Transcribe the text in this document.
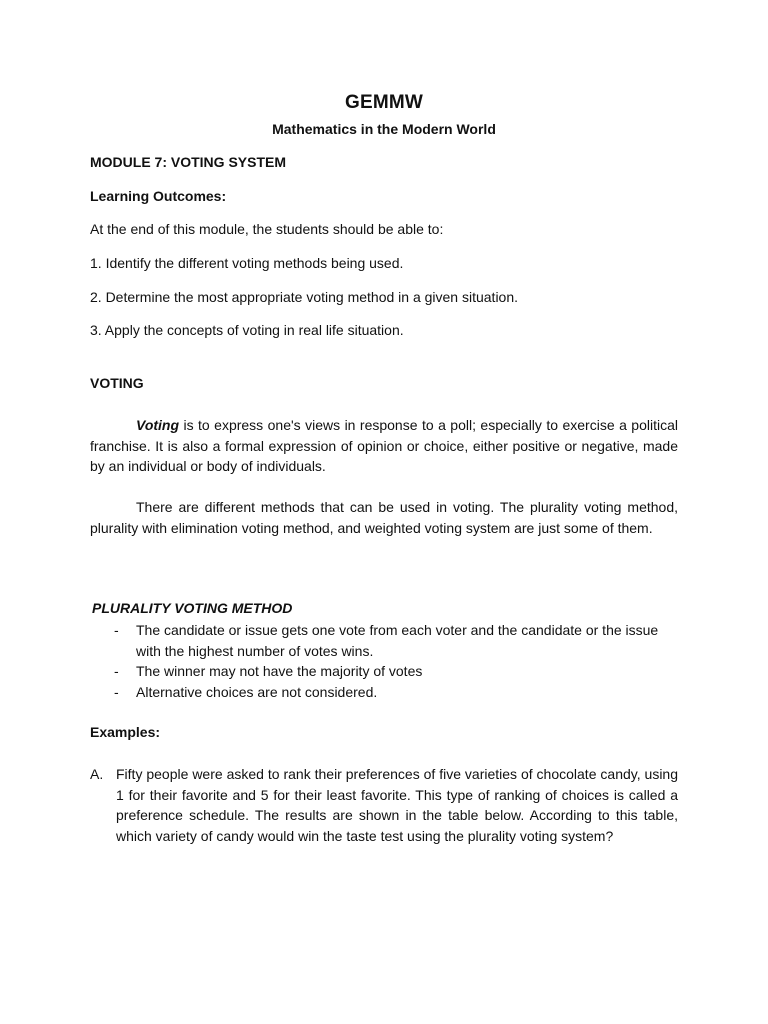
GEMMW
Mathematics in the Modern World
MODULE 7: VOTING SYSTEM
Learning Outcomes:
At the end of this module, the students should be able to:
1. Identify the different voting methods being used.
2. Determine the most appropriate voting method in a given situation.
3. Apply the concepts of voting in real life situation.
VOTING
Voting is to express one's views in response to a poll; especially to exercise a political franchise. It is also a formal expression of opinion or choice, either positive or negative, made by an individual or body of individuals.
There are different methods that can be used in voting. The plurality voting method, plurality with elimination voting method, and weighted voting system are just some of them.
PLURALITY VOTING METHOD
- The candidate or issue gets one vote from each voter and the candidate or the issue with the highest number of votes wins.
- The winner may not have the majority of votes
- Alternative choices are not considered.
Examples:
A. Fifty people were asked to rank their preferences of five varieties of chocolate candy, using 1 for their favorite and 5 for their least favorite. This type of ranking of choices is called a preference schedule. The results are shown in the table below. According to this table, which variety of candy would win the taste test using the plurality voting system?
